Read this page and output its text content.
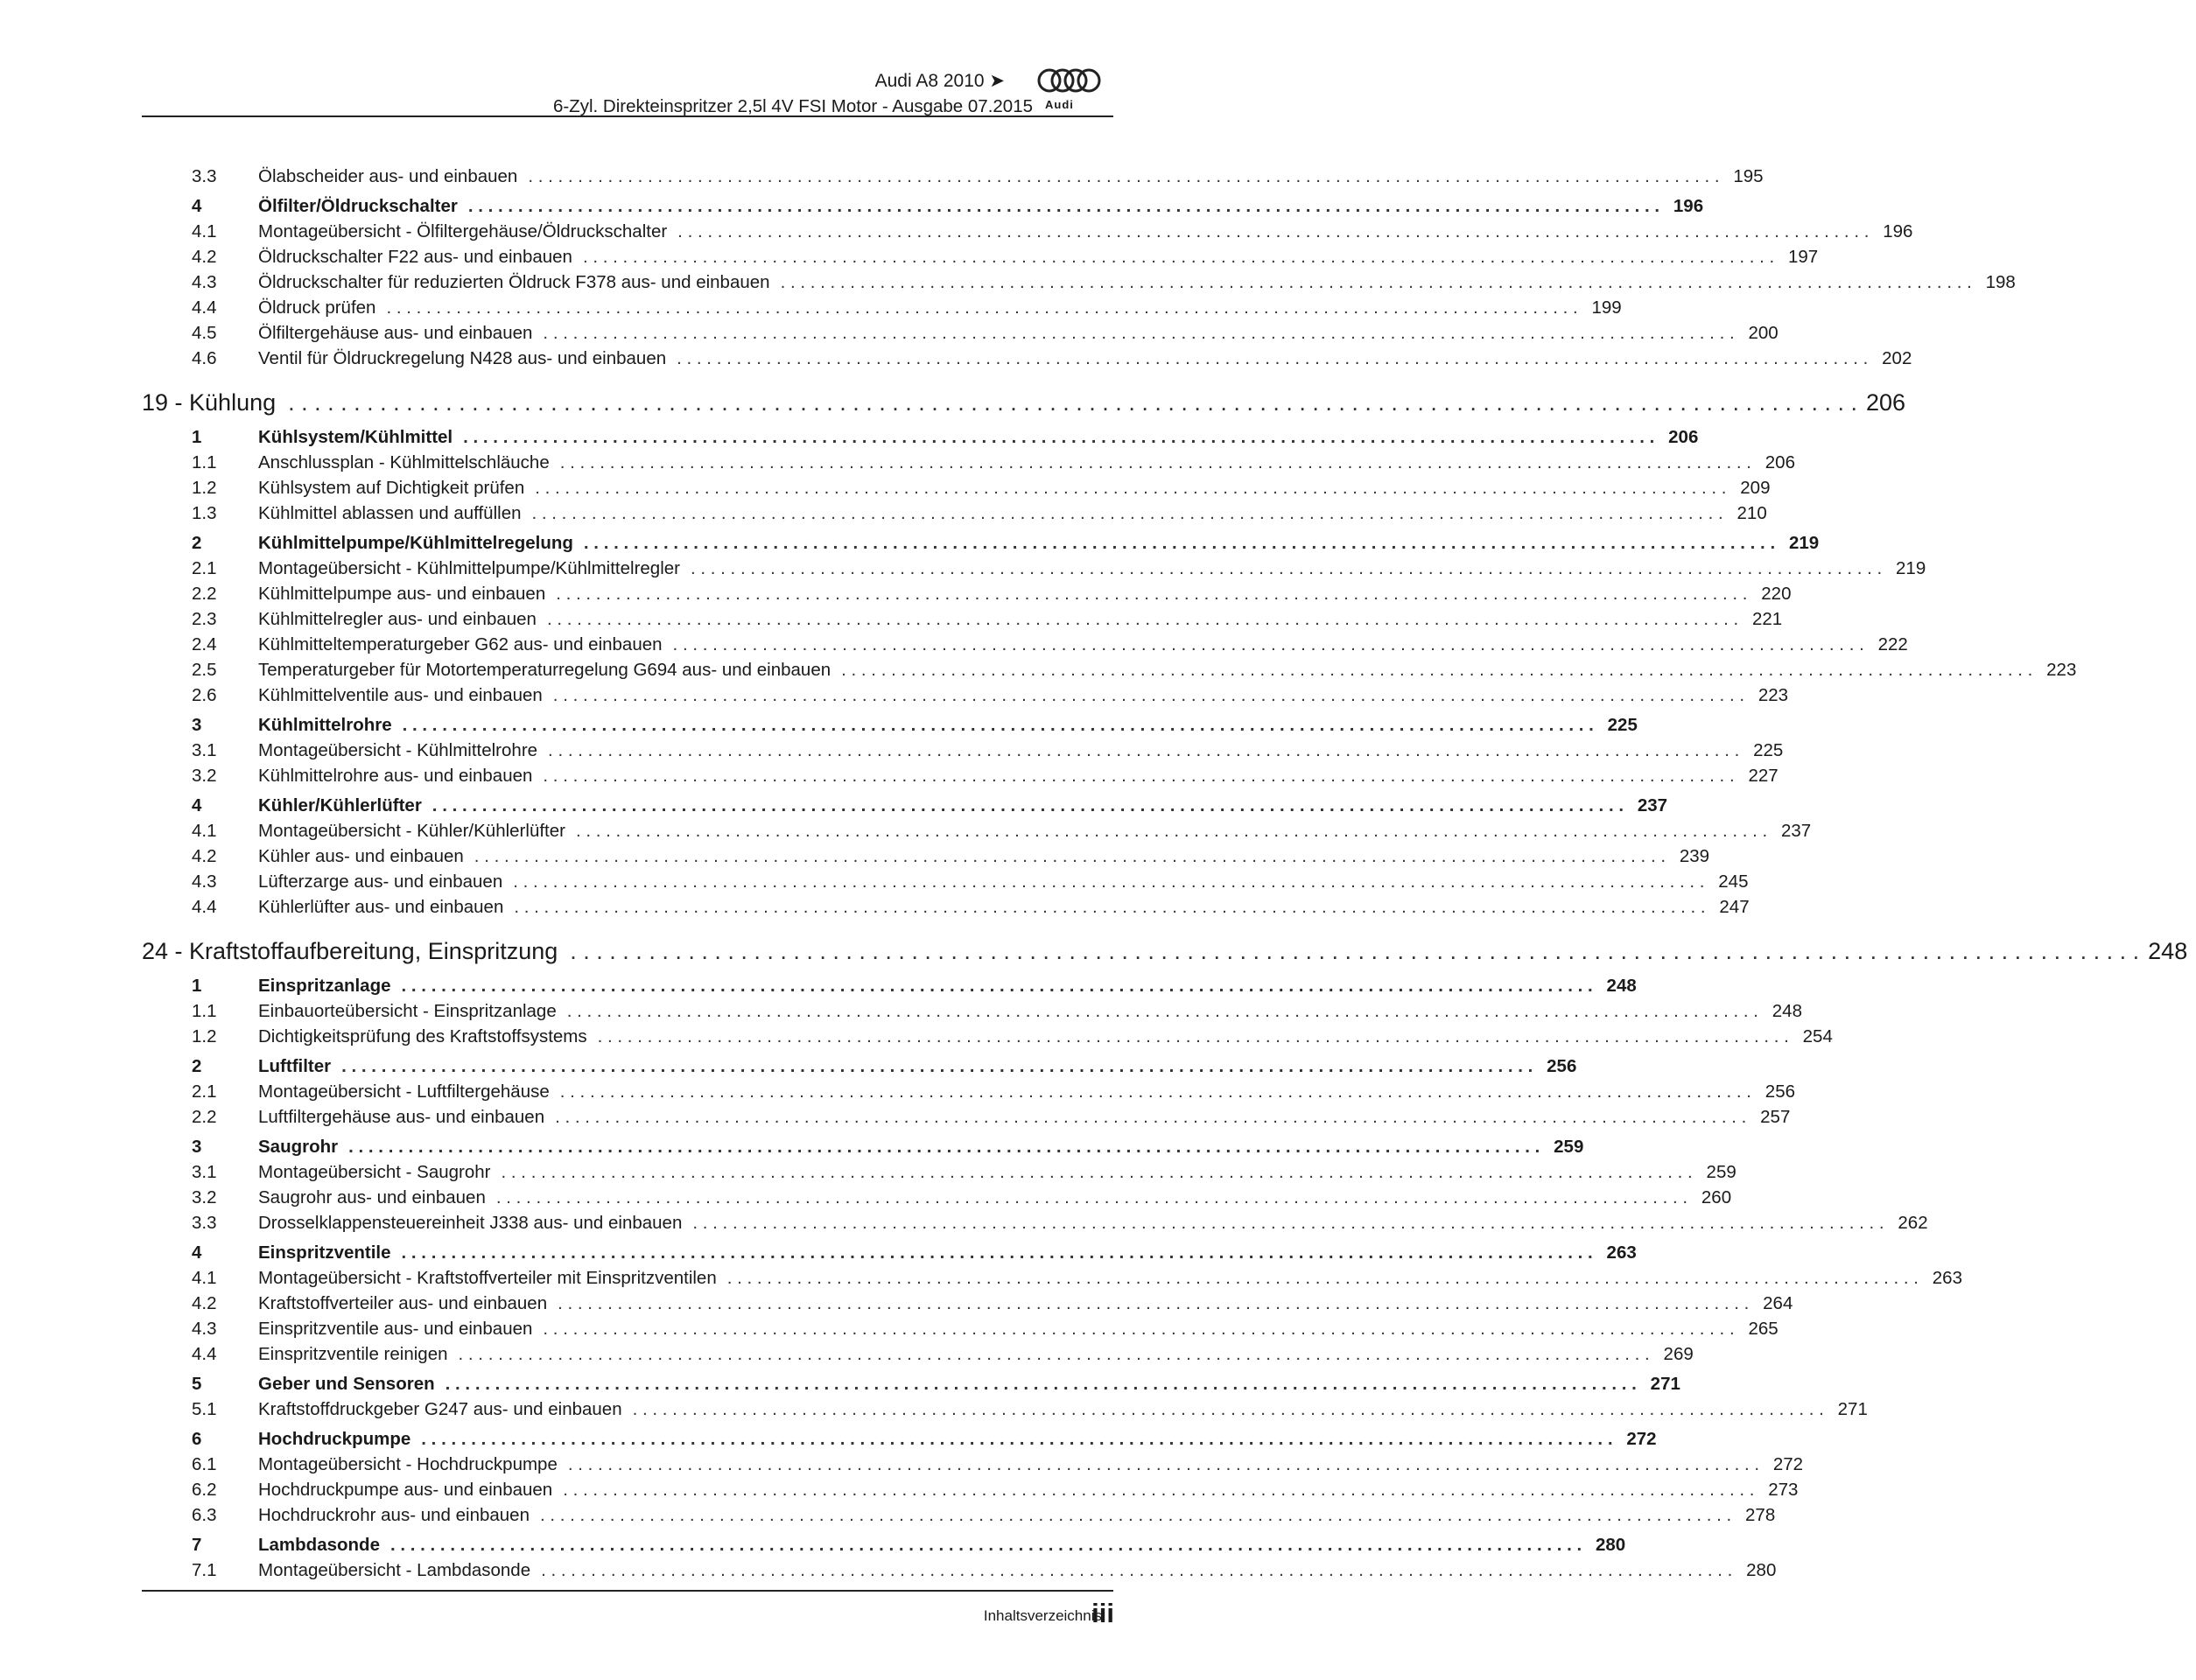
Audi A8 2010 ➤
6-Zyl. Direkteinspritzer 2,5l 4V FSI Motor - Ausgabe 07.2015 Audi
3.3	Ölabscheider aus- und einbauen . . . . . . . . . . . . . . . . . . . . . . . . . . . . . . . . . . . . . . . . . . . . . . . . . . . . . . . . . . . . . . . . . . . . . . . . . . . . . . . . . . . . . . . . . . . . . . . . . . . . . . . . . . . . . . . . . . . . . . . . 195
4	Ölfilter/Öldruckschalter . . . . . . . . . . . . . . . . . . . . . . . . . . . . . . . . . . . . . . . . . . . . . . . . . . . . . . . . . . . . . . . . . . . . . . . . . . . . . . . . . . . . . . . . . . . . . . . . . . . . . . . . . . . . . . . . . . . . . . . . 196
4.1	Montageübersicht - Ölfiltergehäuse/Öldruckschalter . . . . . . . . . . . . . . . . . . . . . . . . . . . . . . . . . . . . . . . . . . . . . . . . . . . . . . . . . . . . . . . . . . . . . . . . . . . . . . . . . . . . . . . . . . . . . . . . . . . . . . . . . . . . . . . . . . . . . . . . 196
4.2	Öldruckschalter F22 aus- und einbauen . . . . . . . . . . . . . . . . . . . . . . . . . . . . . . . . . . . . . . . . . . . . . . . . . . . . . . . . . . . . . . . . . . . . . . . . . . . . . . . . . . . . . . . . . . . . . . . . . . . . . . . . . . . . . . . . . . . . . . . . 197
4.3	Öldruckschalter für reduzierten Öldruck F378 aus- und einbauen . . . . . . . . . . . . . . . . . . . . . . . . . . . . . . . . . . . . . . . . . . . . . . . . . . . . . . . . . . . . . . . . . . . . . . . . . . . . . . . . . . . . . . . . . . . . . . . . . . . . . . . . . . . . . . . . . . . . . . . . 198
4.4	Öldruck prüfen . . . . . . . . . . . . . . . . . . . . . . . . . . . . . . . . . . . . . . . . . . . . . . . . . . . . . . . . . . . . . . . . . . . . . . . . . . . . . . . . . . . . . . . . . . . . . . . . . . . . . . . . . . . . . . . . . . . . . . . . 199
4.5	Ölfiltergehäuse aus- und einbauen . . . . . . . . . . . . . . . . . . . . . . . . . . . . . . . . . . . . . . . . . . . . . . . . . . . . . . . . . . . . . . . . . . . . . . . . . . . . . . . . . . . . . . . . . . . . . . . . . . . . . . . . . . . . . . . . . . . . . . . . 200
4.6	Ventil für Öldruckregelung N428 aus- und einbauen . . . . . . . . . . . . . . . . . . . . . . . . . . . . . . . . . . . . . . . . . . . . . . . . . . . . . . . . . . . . . . . . . . . . . . . . . . . . . . . . . . . . . . . . . . . . . . . . . . . . . . . . . . . . . . . . . . . . . . . . 202
19 - Kühlung . . . . . . . . . . . . . . . . . . . . . . . . . . . . . . . . . . . . . . . . . . . . . . . . . . . . . . . . . . . . . . . . . . . . . . . . . . . . . . . . . . . . . . . . . . . . . . . . . . . . . . . . . . . . . . . . . . . . . . . . 206
1	Kühlsystem/Kühlmittel . . . . . . . . . . . . . . . . . . . . . . . . . . . . . . . . . . . . . . . . . . . . . . . . . . . . . . . . . . . . . . . . . . . . . . . . . . . . . . . . . . . . . . . . . . . . . . . . . . . . . . . . . . . . . . . . . . . . . . . . 206
1.1	Anschlussplan - Kühlmittelschläuche . . . . . . . . . . . . . . . . . . . . . . . . . . . . . . . . . . . . . . . . . . . . . . . . . . . . . . . . . . . . . . . . . . . . . . . . . . . . . . . . . . . . . . . . . . . . . . . . . . . . . . . . . . . . . . . . . . . . . . . . 206
1.2	Kühlsystem auf Dichtigkeit prüfen . . . . . . . . . . . . . . . . . . . . . . . . . . . . . . . . . . . . . . . . . . . . . . . . . . . . . . . . . . . . . . . . . . . . . . . . . . . . . . . . . . . . . . . . . . . . . . . . . . . . . . . . . . . . . . . . . . . . . . . . 209
1.3	Kühlmittel ablassen und auffüllen . . . . . . . . . . . . . . . . . . . . . . . . . . . . . . . . . . . . . . . . . . . . . . . . . . . . . . . . . . . . . . . . . . . . . . . . . . . . . . . . . . . . . . . . . . . . . . . . . . . . . . . . . . . . . . . . . . . . . . . . 210
2	Kühlmittelpumpe/Kühlmittelregelung . . . . . . . . . . . . . . . . . . . . . . . . . . . . . . . . . . . . . . . . . . . . . . . . . . . . . . . . . . . . . . . . . . . . . . . . . . . . . . . . . . . . . . . . . . . . . . . . . . . . . . . . . . . . . . . . . . . . . . . . 219
2.1	Montageübersicht - Kühlmittelpumpe/Kühlmittelregler . . . . . . . . . . . . . . . . . . . . . . . . . . . . . . . . . . . . . . . . . . . . . . . . . . . . . . . . . . . . . . . . . . . . . . . . . . . . . . . . . . . . . . . . . . . . . . . . . . . . . . . . . . . . . . . . . . . . . . . . 219
2.2	Kühlmittelpumpe aus- und einbauen . . . . . . . . . . . . . . . . . . . . . . . . . . . . . . . . . . . . . . . . . . . . . . . . . . . . . . . . . . . . . . . . . . . . . . . . . . . . . . . . . . . . . . . . . . . . . . . . . . . . . . . . . . . . . . . . . . . . . . . . 220
2.3	Kühlmittelregler aus- und einbauen . . . . . . . . . . . . . . . . . . . . . . . . . . . . . . . . . . . . . . . . . . . . . . . . . . . . . . . . . . . . . . . . . . . . . . . . . . . . . . . . . . . . . . . . . . . . . . . . . . . . . . . . . . . . . . . . . . . . . . . . 221
2.4	Kühlmitteltemperaturgeber G62 aus- und einbauen . . . . . . . . . . . . . . . . . . . . . . . . . . . . . . . . . . . . . . . . . . . . . . . . . . . . . . . . . . . . . . . . . . . . . . . . . . . . . . . . . . . . . . . . . . . . . . . . . . . . . . . . . . . . . . . . . . . . . . . . 222
2.5	Temperaturgeber für Motortemperaturregelung G694 aus- und einbauen . . . . . . . . . . . . . . . . . . . . . . . . . . . . . . . . . . . . . . . . . . . . . . . . . . . . . . . . . . . . . . . . . . . . . . . . . . . . . . . . . . . . . . . . . . . . . . . . . . . . . . . . . . . . . . . . . . . . . . . . 223
2.6	Kühlmittelventile aus- und einbauen . . . . . . . . . . . . . . . . . . . . . . . . . . . . . . . . . . . . . . . . . . . . . . . . . . . . . . . . . . . . . . . . . . . . . . . . . . . . . . . . . . . . . . . . . . . . . . . . . . . . . . . . . . . . . . . . . . . . . . . . 223
3	Kühlmittelrohre . . . . . . . . . . . . . . . . . . . . . . . . . . . . . . . . . . . . . . . . . . . . . . . . . . . . . . . . . . . . . . . . . . . . . . . . . . . . . . . . . . . . . . . . . . . . . . . . . . . . . . . . . . . . . . . . . . . . . . . . 225
3.1	Montageübersicht - Kühlmittelrohre . . . . . . . . . . . . . . . . . . . . . . . . . . . . . . . . . . . . . . . . . . . . . . . . . . . . . . . . . . . . . . . . . . . . . . . . . . . . . . . . . . . . . . . . . . . . . . . . . . . . . . . . . . . . . . . . . . . . . . . . 225
3.2	Kühlmittelrohre aus- und einbauen . . . . . . . . . . . . . . . . . . . . . . . . . . . . . . . . . . . . . . . . . . . . . . . . . . . . . . . . . . . . . . . . . . . . . . . . . . . . . . . . . . . . . . . . . . . . . . . . . . . . . . . . . . . . . . . . . . . . . . . . 227
4	Kühler/Kühlerlüfter . . . . . . . . . . . . . . . . . . . . . . . . . . . . . . . . . . . . . . . . . . . . . . . . . . . . . . . . . . . . . . . . . . . . . . . . . . . . . . . . . . . . . . . . . . . . . . . . . . . . . . . . . . . . . . . . . . . . . . . . 237
4.1	Montageübersicht - Kühler/Kühlerlüfter . . . . . . . . . . . . . . . . . . . . . . . . . . . . . . . . . . . . . . . . . . . . . . . . . . . . . . . . . . . . . . . . . . . . . . . . . . . . . . . . . . . . . . . . . . . . . . . . . . . . . . . . . . . . . . . . . . . . . . . . 237
4.2	Kühler aus- und einbauen . . . . . . . . . . . . . . . . . . . . . . . . . . . . . . . . . . . . . . . . . . . . . . . . . . . . . . . . . . . . . . . . . . . . . . . . . . . . . . . . . . . . . . . . . . . . . . . . . . . . . . . . . . . . . . . . . . . . . . . . 239
4.3	Lüfterzarge aus- und einbauen . . . . . . . . . . . . . . . . . . . . . . . . . . . . . . . . . . . . . . . . . . . . . . . . . . . . . . . . . . . . . . . . . . . . . . . . . . . . . . . . . . . . . . . . . . . . . . . . . . . . . . . . . . . . . . . . . . . . . . . . 245
4.4	Kühlerlüfter aus- und einbauen . . . . . . . . . . . . . . . . . . . . . . . . . . . . . . . . . . . . . . . . . . . . . . . . . . . . . . . . . . . . . . . . . . . . . . . . . . . . . . . . . . . . . . . . . . . . . . . . . . . . . . . . . . . . . . . . . . . . . . . . 247
24 - Kraftstoffaufbereitung, Einspritzung . . . . . . . . . . . . . . . . . . . . . . . . . . . . . . . . . . . . . . . . . . . . . . . . . . . . . . . . . . . . . . . . . . . . . . . . . . . . . . . . . . . . . . . . . . . . . . . . . . . . . . . . . . . . . . . . . . . . . . . . 248
1	Einspritzanlage . . . . . . . . . . . . . . . . . . . . . . . . . . . . . . . . . . . . . . . . . . . . . . . . . . . . . . . . . . . . . . . . . . . . . . . . . . . . . . . . . . . . . . . . . . . . . . . . . . . . . . . . . . . . . . . . . . . . . . . . 248
1.1	Einbauorteübersicht - Einspritzanlage . . . . . . . . . . . . . . . . . . . . . . . . . . . . . . . . . . . . . . . . . . . . . . . . . . . . . . . . . . . . . . . . . . . . . . . . . . . . . . . . . . . . . . . . . . . . . . . . . . . . . . . . . . . . . . . . . . . . . . . . 248
1.2	Dichtigkeitsprüfung des Kraftstoffsystems . . . . . . . . . . . . . . . . . . . . . . . . . . . . . . . . . . . . . . . . . . . . . . . . . . . . . . . . . . . . . . . . . . . . . . . . . . . . . . . . . . . . . . . . . . . . . . . . . . . . . . . . . . . . . . . . . . . . . . . . 254
2	Luftfilter . . . . . . . . . . . . . . . . . . . . . . . . . . . . . . . . . . . . . . . . . . . . . . . . . . . . . . . . . . . . . . . . . . . . . . . . . . . . . . . . . . . . . . . . . . . . . . . . . . . . . . . . . . . . . . . . . . . . . . . . 256
2.1	Montageübersicht - Luftfiltergehäuse . . . . . . . . . . . . . . . . . . . . . . . . . . . . . . . . . . . . . . . . . . . . . . . . . . . . . . . . . . . . . . . . . . . . . . . . . . . . . . . . . . . . . . . . . . . . . . . . . . . . . . . . . . . . . . . . . . . . . . . . 256
2.2	Luftfiltergehäuse aus- und einbauen . . . . . . . . . . . . . . . . . . . . . . . . . . . . . . . . . . . . . . . . . . . . . . . . . . . . . . . . . . . . . . . . . . . . . . . . . . . . . . . . . . . . . . . . . . . . . . . . . . . . . . . . . . . . . . . . . . . . . . . . 257
3	Saugrohr . . . . . . . . . . . . . . . . . . . . . . . . . . . . . . . . . . . . . . . . . . . . . . . . . . . . . . . . . . . . . . . . . . . . . . . . . . . . . . . . . . . . . . . . . . . . . . . . . . . . . . . . . . . . . . . . . . . . . . . . 259
3.1	Montageübersicht - Saugrohr . . . . . . . . . . . . . . . . . . . . . . . . . . . . . . . . . . . . . . . . . . . . . . . . . . . . . . . . . . . . . . . . . . . . . . . . . . . . . . . . . . . . . . . . . . . . . . . . . . . . . . . . . . . . . . . . . . . . . . . . 259
3.2	Saugrohr aus- und einbauen . . . . . . . . . . . . . . . . . . . . . . . . . . . . . . . . . . . . . . . . . . . . . . . . . . . . . . . . . . . . . . . . . . . . . . . . . . . . . . . . . . . . . . . . . . . . . . . . . . . . . . . . . . . . . . . . . . . . . . . . 260
3.3	Drosselklappensteuereinheit J338 aus- und einbauen . . . . . . . . . . . . . . . . . . . . . . . . . . . . . . . . . . . . . . . . . . . . . . . . . . . . . . . . . . . . . . . . . . . . . . . . . . . . . . . . . . . . . . . . . . . . . . . . . . . . . . . . . . . . . . . . . . . . . . . . 262
4	Einspritzventile . . . . . . . . . . . . . . . . . . . . . . . . . . . . . . . . . . . . . . . . . . . . . . . . . . . . . . . . . . . . . . . . . . . . . . . . . . . . . . . . . . . . . . . . . . . . . . . . . . . . . . . . . . . . . . . . . . . . . . . . 263
4.1	Montageübersicht - Kraftstoffverteiler mit Einspritzventilen . . . . . . . . . . . . . . . . . . . . . . . . . . . . . . . . . . . . . . . . . . . . . . . . . . . . . . . . . . . . . . . . . . . . . . . . . . . . . . . . . . . . . . . . . . . . . . . . . . . . . . . . . . . . . . . . . . . . . . . . 263
4.2	Kraftstoffverteiler aus- und einbauen . . . . . . . . . . . . . . . . . . . . . . . . . . . . . . . . . . . . . . . . . . . . . . . . . . . . . . . . . . . . . . . . . . . . . . . . . . . . . . . . . . . . . . . . . . . . . . . . . . . . . . . . . . . . . . . . . . . . . . . . 264
4.3	Einspritzventile aus- und einbauen . . . . . . . . . . . . . . . . . . . . . . . . . . . . . . . . . . . . . . . . . . . . . . . . . . . . . . . . . . . . . . . . . . . . . . . . . . . . . . . . . . . . . . . . . . . . . . . . . . . . . . . . . . . . . . . . . . . . . . . . 265
4.4	Einspritzventile reinigen . . . . . . . . . . . . . . . . . . . . . . . . . . . . . . . . . . . . . . . . . . . . . . . . . . . . . . . . . . . . . . . . . . . . . . . . . . . . . . . . . . . . . . . . . . . . . . . . . . . . . . . . . . . . . . . . . . . . . . . . 269
5	Geber und Sensoren . . . . . . . . . . . . . . . . . . . . . . . . . . . . . . . . . . . . . . . . . . . . . . . . . . . . . . . . . . . . . . . . . . . . . . . . . . . . . . . . . . . . . . . . . . . . . . . . . . . . . . . . . . . . . . . . . . . . . . . . 271
5.1	Kraftstoffdruckgeber G247 aus- und einbauen . . . . . . . . . . . . . . . . . . . . . . . . . . . . . . . . . . . . . . . . . . . . . . . . . . . . . . . . . . . . . . . . . . . . . . . . . . . . . . . . . . . . . . . . . . . . . . . . . . . . . . . . . . . . . . . . . . . . . . . . 271
6	Hochdruckpumpe . . . . . . . . . . . . . . . . . . . . . . . . . . . . . . . . . . . . . . . . . . . . . . . . . . . . . . . . . . . . . . . . . . . . . . . . . . . . . . . . . . . . . . . . . . . . . . . . . . . . . . . . . . . . . . . . . . . . . . . . 272
6.1	Montageübersicht - Hochdruckpumpe . . . . . . . . . . . . . . . . . . . . . . . . . . . . . . . . . . . . . . . . . . . . . . . . . . . . . . . . . . . . . . . . . . . . . . . . . . . . . . . . . . . . . . . . . . . . . . . . . . . . . . . . . . . . . . . . . . . . . . . . 272
6.2	Hochdruckpumpe aus- und einbauen . . . . . . . . . . . . . . . . . . . . . . . . . . . . . . . . . . . . . . . . . . . . . . . . . . . . . . . . . . . . . . . . . . . . . . . . . . . . . . . . . . . . . . . . . . . . . . . . . . . . . . . . . . . . . . . . . . . . . . . . 273
6.3	Hochdruckrohr aus- und einbauen . . . . . . . . . . . . . . . . . . . . . . . . . . . . . . . . . . . . . . . . . . . . . . . . . . . . . . . . . . . . . . . . . . . . . . . . . . . . . . . . . . . . . . . . . . . . . . . . . . . . . . . . . . . . . . . . . . . . . . . . 278
7	Lambdasonde . . . . . . . . . . . . . . . . . . . . . . . . . . . . . . . . . . . . . . . . . . . . . . . . . . . . . . . . . . . . . . . . . . . . . . . . . . . . . . . . . . . . . . . . . . . . . . . . . . . . . . . . . . . . . . . . . . . . . . . . 280
7.1	Montageübersicht - Lambdasonde . . . . . . . . . . . . . . . . . . . . . . . . . . . . . . . . . . . . . . . . . . . . . . . . . . . . . . . . . . . . . . . . . . . . . . . . . . . . . . . . . . . . . . . . . . . . . . . . . . . . . . . . . . . . . . . . . . . . . . . . 280
Inhaltsverzeichnis
iii
